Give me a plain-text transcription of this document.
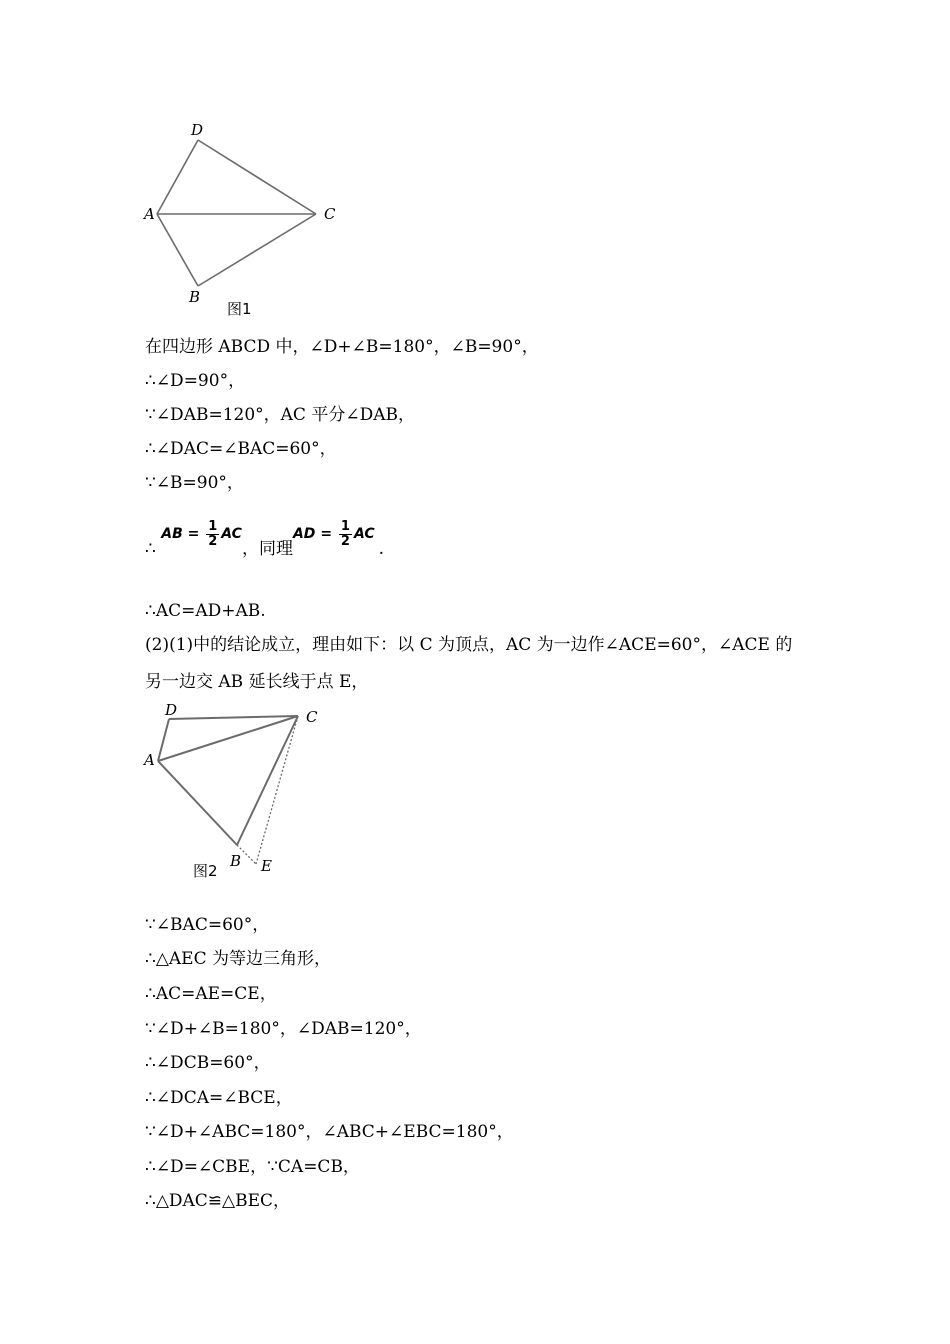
D
A	C
B
图1
在四边形 ABCD 中，∠D+∠B=180°，∠B=90°，
∴∠D=90°，
∵∠DAB=120°，AC 平分∠DAB，
∴∠DAC=∠BAC=60°，
∵∠B=90°，
∴ $^{AB = \frac{1}{2} AC}$，同理$^{AD = \frac{1}{2} AC}$.
∴AC=AD+AB.
(2)(1)中的结论成立，理由如下：以 C 为顶点，AC 为一边作∠ACE=60°，∠ACE 的
另一边交 AB 延长线于点 E，
D
A
C
B E
图2
∵∠BAC=60°，
∴△AEC 为等边三角形，
∴AC=AE=CE，
∵∠D+∠B=180°，∠DAB=120°，
∴∠DCB=60°，
∴∠DCA=∠BCE，
∵∠D+∠ABC=180°，∠ABC+∠EBC=180°，
∴∠D=∠CBE，∵CA=CB，
∴△DAC≌△BEC，
